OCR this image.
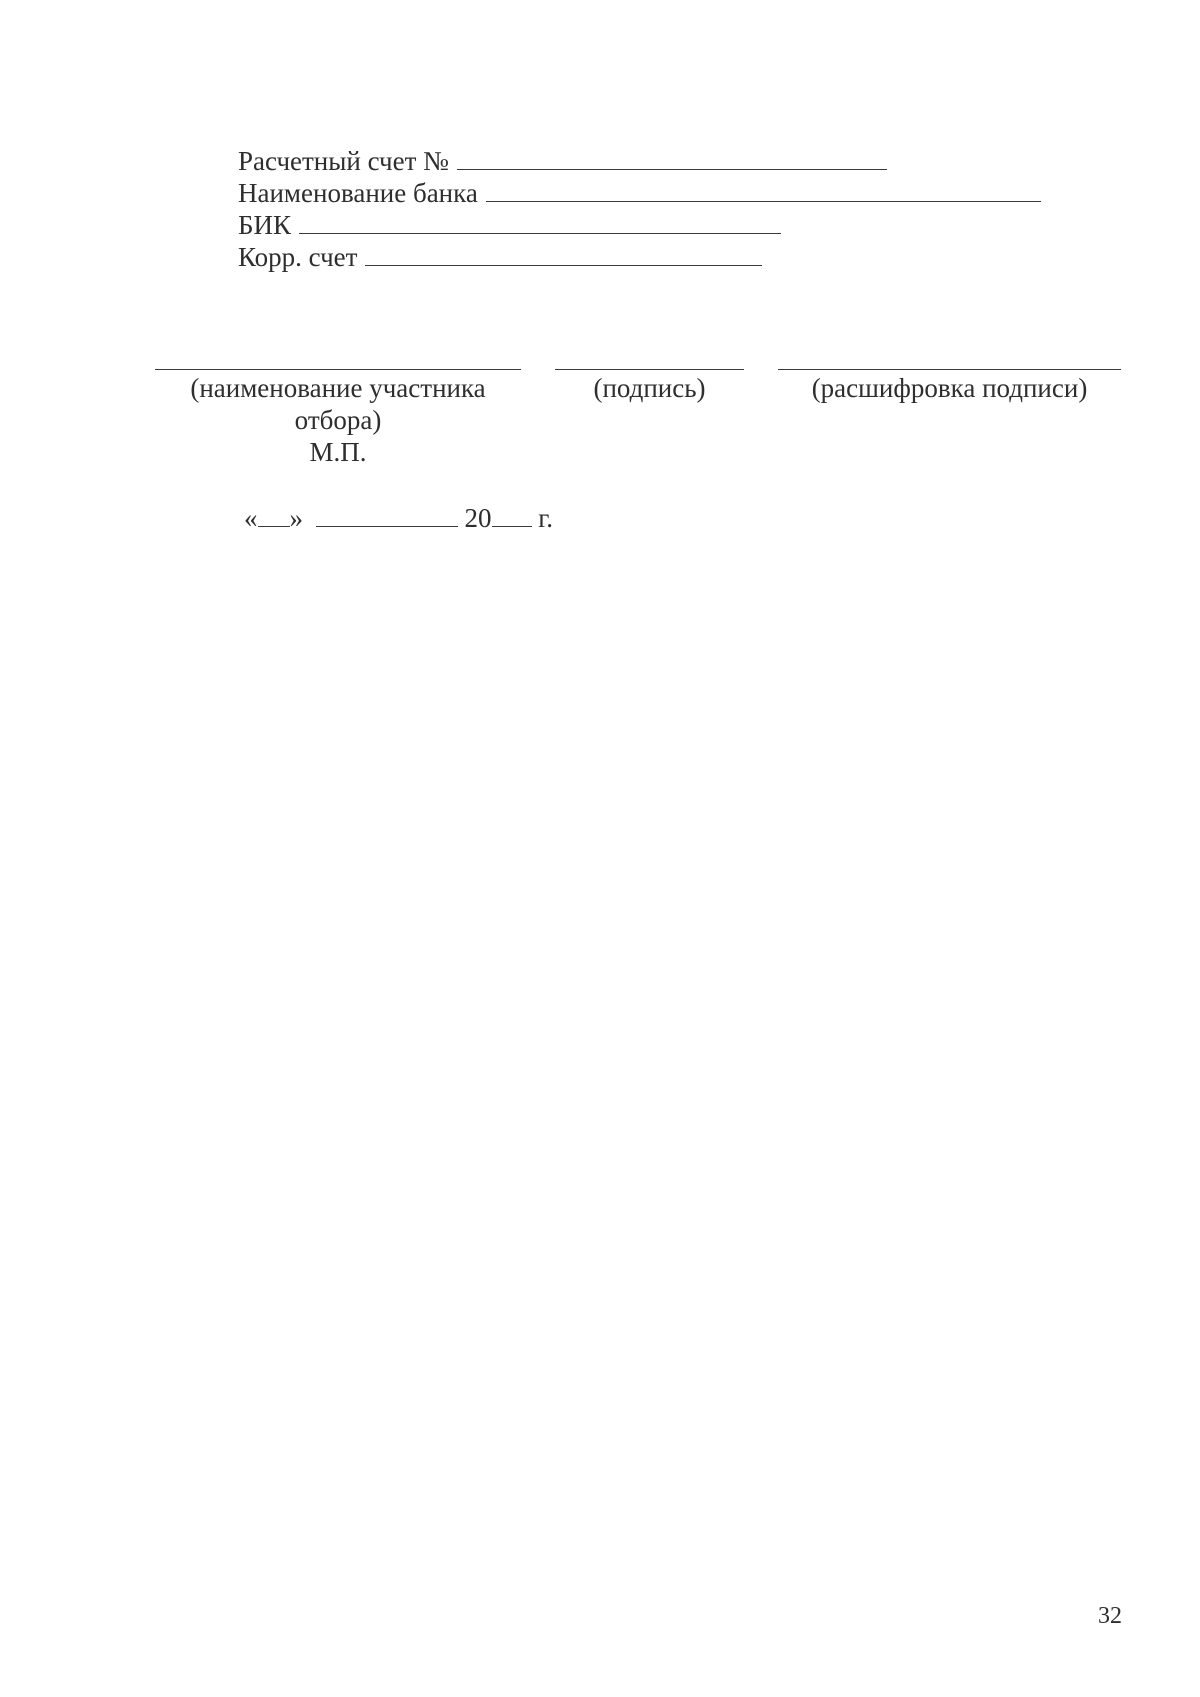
Расчетный счет №
Наименование банка
БИК
Корр. счет
(наименование участника
отбора)
М.П.
(подпись)	(расшифровка подписи)
« »	20 г.
32
